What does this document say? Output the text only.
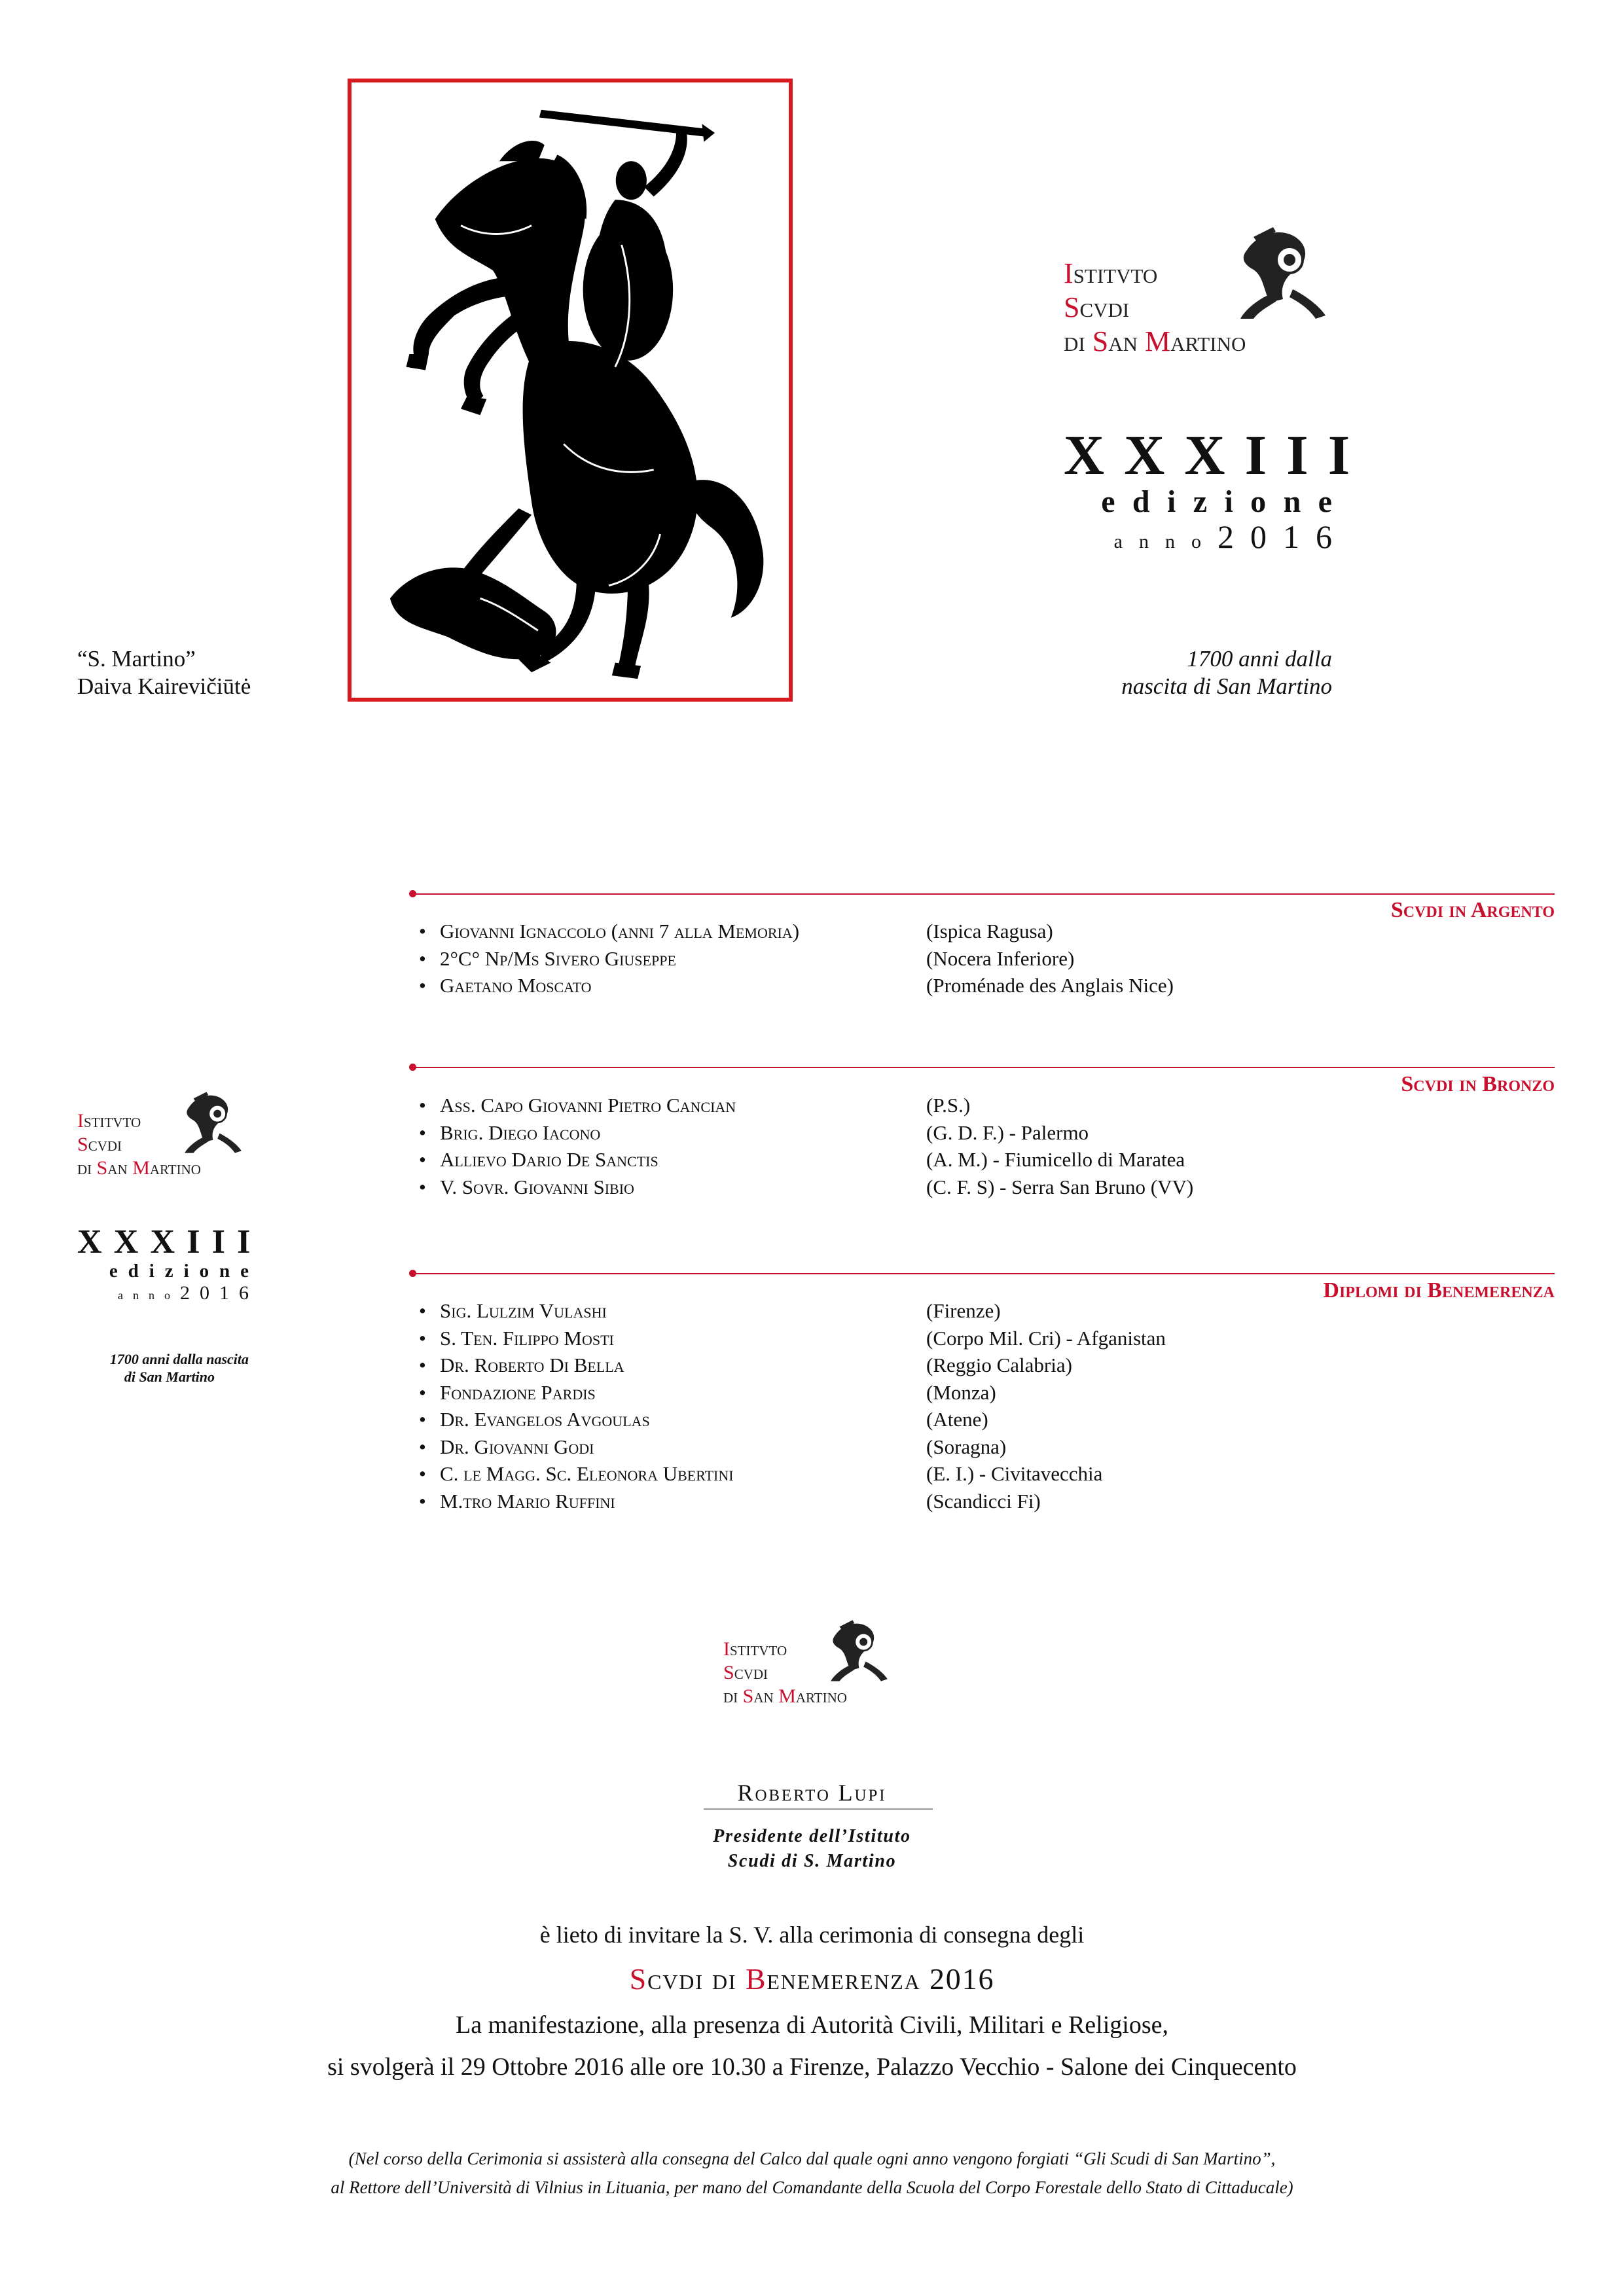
“S. Martino”
Daiva Kairevičiūtė
Istitvto
Scvdi
di San Martino
XXXIII
edizione
anno2016
1700 anni dalla
nascita di San Martino
Istitvto
Scvdi
di San Martino
XXXIII
edizione
anno2016
1700 anni dalla nascita
di San Martino
Scvdi in Argento
• Giovanni Ignaccolo (anni 7 alla Memoria)	(Ispica Ragusa)
• 2°C° Np/Ms Sivero Giuseppe	(Nocera Inferiore)
• Gaetano Moscato	(Proménade des Anglais Nice)
Scvdi in Bronzo
• Ass. Capo Giovanni Pietro Cancian	(P.S.)
• Brig. Diego Iacono	(G. D. F.) - Palermo
• Allievo Dario De Sanctis	(A. M.) - Fiumicello di Maratea
• V. Sovr. Giovanni Sibio	(C. F. S) - Serra San Bruno (VV)
Diplomi di Benemerenza
• Sig. Lulzim Vulashi	(Firenze)
• S. Ten. Filippo Mosti	(Corpo Mil. Cri) - Afganistan
• Dr. Roberto Di Bella	(Reggio Calabria)
• Fondazione Pardis	(Monza)
• Dr. Evangelos Avgoulas	(Atene)
• Dr. Giovanni Godi	(Soragna)
• C. le Magg. Sc. Eleonora Ubertini	(E. I.) - Civitavecchia
• M.tro Mario Ruffini	(Scandicci Fi)
Istitvto
Scvdi
di San Martino
Roberto Lupi
Presidente dell’Istituto
Scudi di S. Martino
è lieto di invitare la S. V. alla cerimonia di consegna degli
Scvdi di Benemerenza 2016
La manifestazione, alla presenza di Autorità Civili, Militari e Religiose,
si svolgerà il 29 Ottobre 2016 alle ore 10.30 a Firenze, Palazzo Vecchio - Salone dei Cinquecento
(Nel corso della Cerimonia si assisterà alla consegna del Calco dal quale ogni anno vengono forgiati “Gli Scudi di San Martino”,
al Rettore dell’Università di Vilnius in Lituania, per mano del Comandante della Scuola del Corpo Forestale dello Stato di Cittaducale)
